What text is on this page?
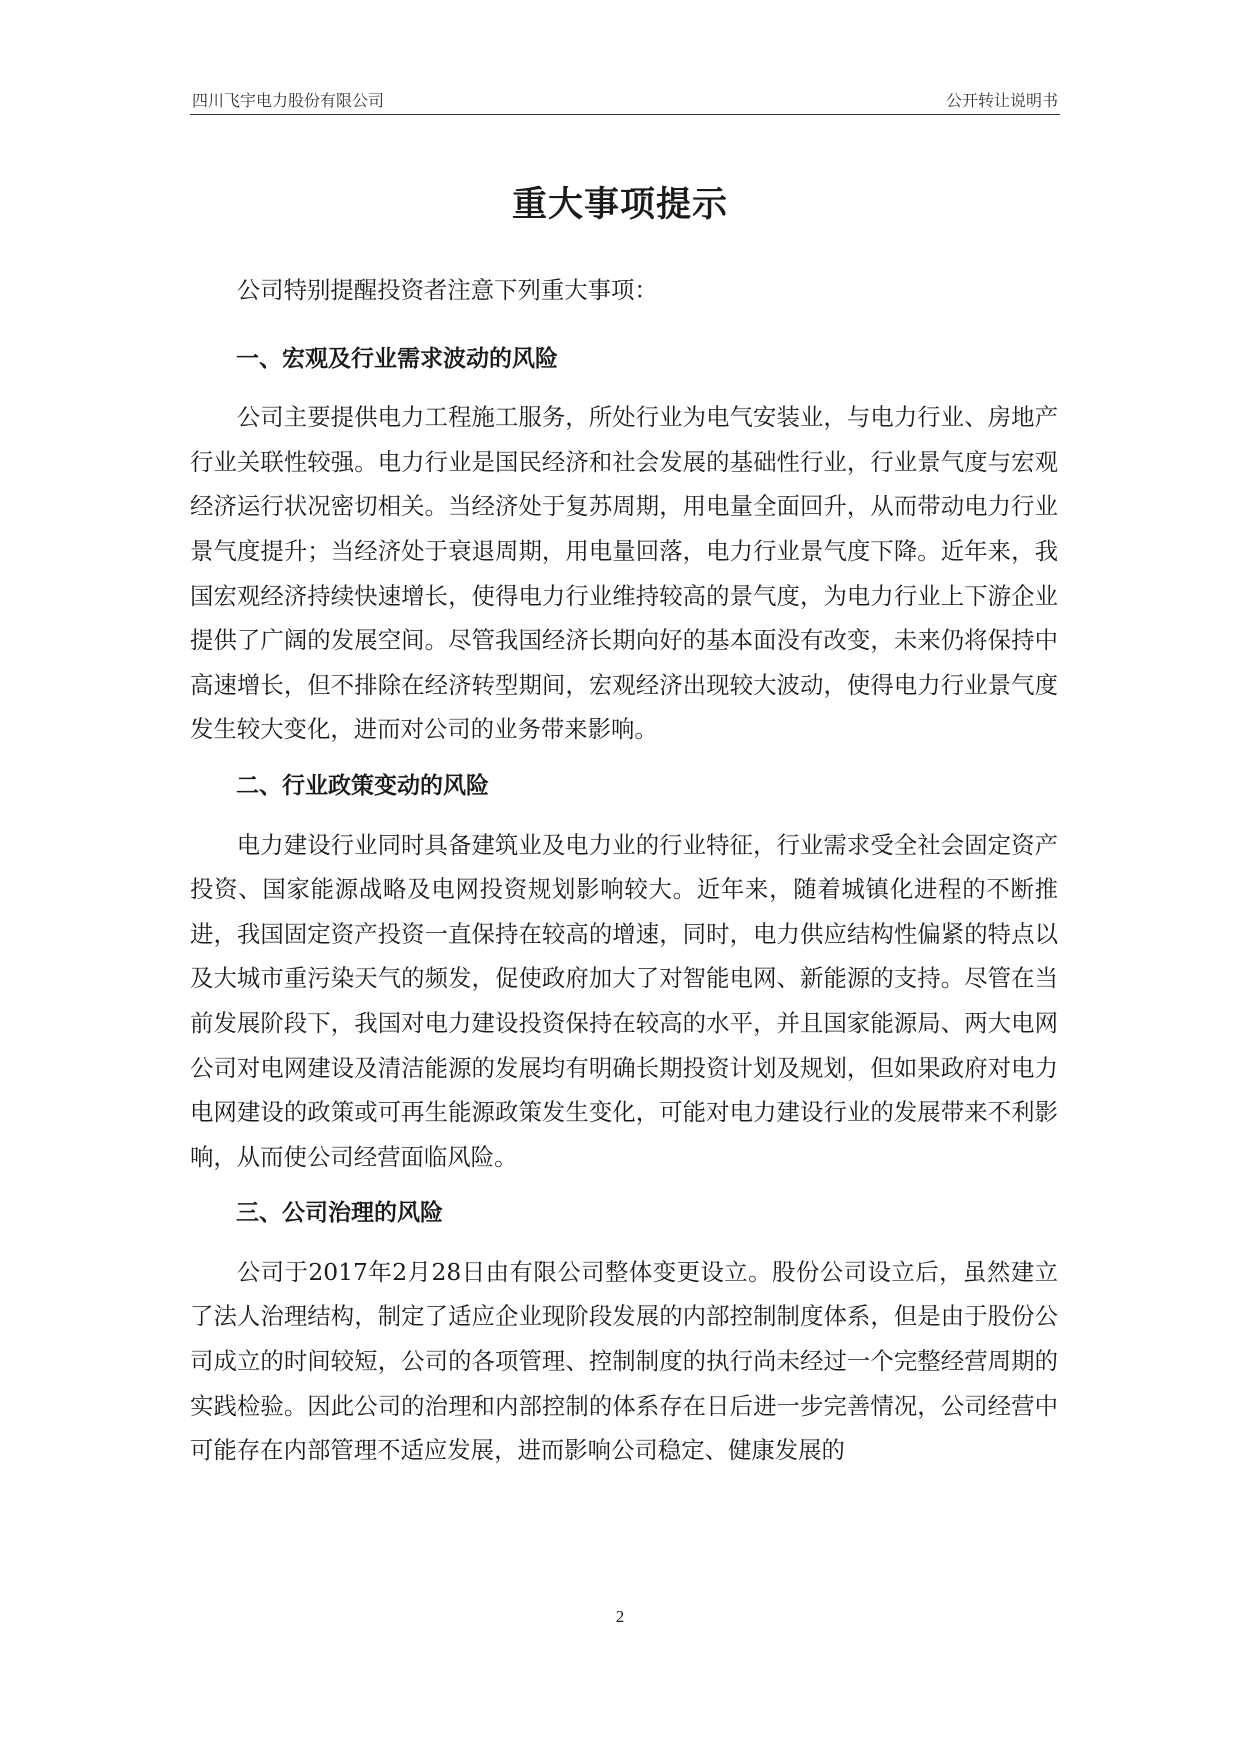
四川飞宇电力股份有限公司	公开转让说明书
重大事项提示

公司特别提醒投资者注意下列重大事项：

一、宏观及行业需求波动的风险

公司主要提供电力工程施工服务，所处行业为电气安装业，与电力行业、房地产行业关联性较强。电力行业是国民经济和社会发展的基础性行业，行业景气度与宏观经济运行状况密切相关。当经济处于复苏周期，用电量全面回升，从而带动电力行业景气度提升；当经济处于衰退周期，用电量回落，电力行业景气度下降。近年来，我国宏观经济持续快速增长，使得电力行业维持较高的景气度，为电力行业上下游企业提供了广阔的发展空间。尽管我国经济长期向好的基本面没有改变，未来仍将保持中高速增长，但不排除在经济转型期间，宏观经济出现较大波动，使得电力行业景气度发生较大变化，进而对公司的业务带来影响。

二、行业政策变动的风险

电力建设行业同时具备建筑业及电力业的行业特征，行业需求受全社会固定资产投资、国家能源战略及电网投资规划影响较大。近年来，随着城镇化进程的不断推进，我国固定资产投资一直保持在较高的增速，同时，电力供应结构性偏紧的特点以及大城市重污染天气的频发，促使政府加大了对智能电网、新能源的支持。尽管在当前发展阶段下，我国对电力建设投资保持在较高的水平，并且国家能源局、两大电网公司对电网建设及清洁能源的发展均有明确长期投资计划及规划，但如果政府对电力电网建设的政策或可再生能源政策发生变化，可能对电力建设行业的发展带来不利影响，从而使公司经营面临风险。

三、公司治理的风险

公司于2017年2月28日由有限公司整体变更设立。股份公司设立后，虽然建立了法人治理结构，制定了适应企业现阶段发展的内部控制制度体系，但是由于股份公司成立的时间较短，公司的各项管理、控制制度的执行尚未经过一个完整经营周期的实践检验。因此公司的治理和内部控制的体系存在日后进一步完善情况，公司经营中可能存在内部管理不适应发展，进而影响公司稳定、健康发展的

2
